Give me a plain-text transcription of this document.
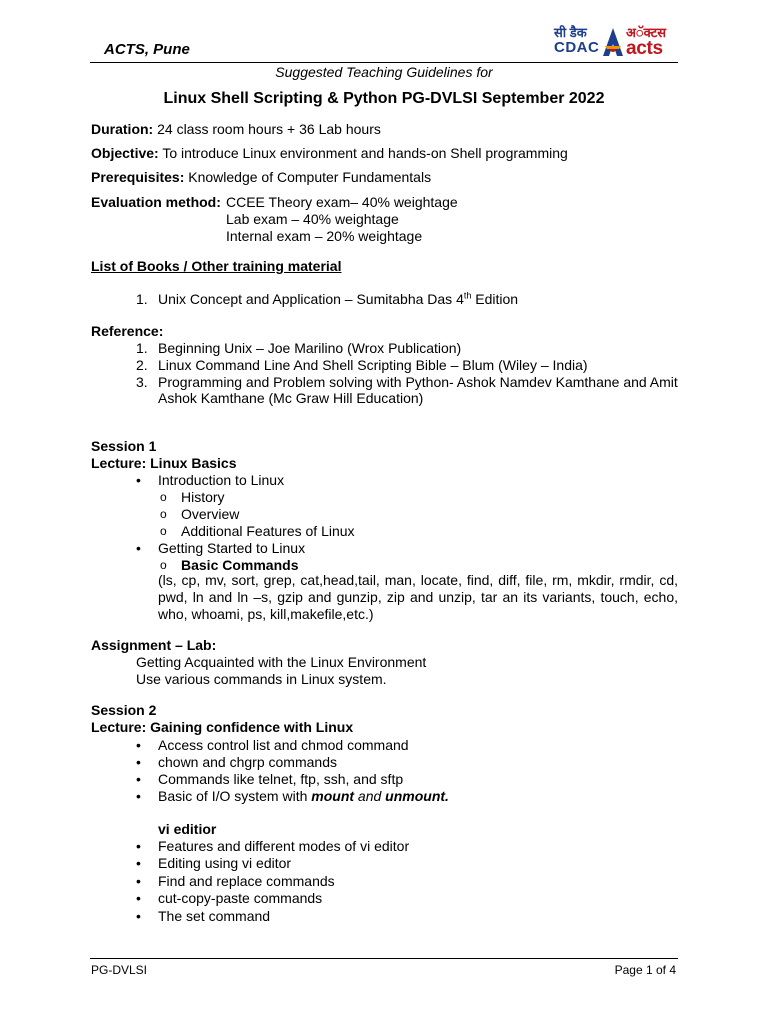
ACTS, Pune
सी डैक
CDAC
अॅक्टस
acts
Suggested Teaching Guidelines for
Linux Shell Scripting & Python PG-DVLSI September 2022
Duration: 24 class room hours + 36 Lab hours
Objective: To introduce Linux environment and hands-on Shell programming
Prerequisites: Knowledge of Computer Fundamentals
Evaluation method: CCEE Theory exam– 40% weightage
Lab exam – 40% weightage
Internal exam – 20% weightage
List of Books / Other training material
1. Unix Concept and Application – Sumitabha Das 4th Edition
Reference:
1. Beginning Unix – Joe Marilino (Wrox Publication)
2. Linux Command Line And Shell Scripting Bible – Blum (Wiley – India)
3. Programming and Problem solving with Python- Ashok Namdev Kamthane and Amit
Ashok Kamthane (Mc Graw Hill Education)
Session 1
Lecture: Linux Basics
• Introduction to Linux
o History
o Overview
o Additional Features of Linux
• Getting Started to Linux
o Basic Commands
(ls, cp, mv, sort, grep, cat,head,tail, man, locate, find, diff, file, rm, mkdir, rmdir, cd, pwd, ln and ln –s, gzip and gunzip, zip and unzip, tar an its variants, touch, echo, who, whoami, ps, kill,makefile,etc.)
Assignment – Lab:
Getting Acquainted with the Linux Environment
Use various commands in Linux system.
Session 2
Lecture: Gaining confidence with Linux
• Access control list and chmod command
• chown and chgrp commands
• Commands like telnet, ftp, ssh, and sftp
• Basic of I/O system with mount and unmount.
vi editior
• Features and different modes of vi editor
• Editing using vi editor
• Find and replace commands
• cut-copy-paste commands
• The set command
PG-DVLSI	Page 1 of 4
